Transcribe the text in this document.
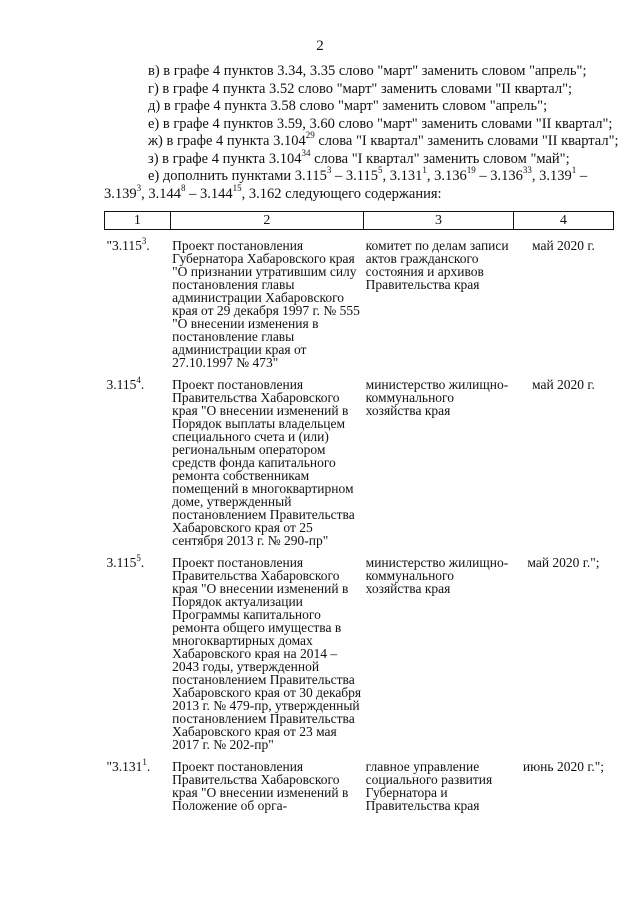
2

в) в графе 4 пунктов 3.34, 3.35 слово "март" заменить словом "апрель";

г) в графе 4 пункта 3.52 слово "март" заменить словами "II квартал";

д) в графе 4 пункта 3.58 слово "март" заменить словом "апрель";

е) в графе 4 пунктов 3.59, 3.60 слово "март" заменить словами "II квартал";

ж) в графе 4 пункта 3.104$^{29}$ слова "I квартал" заменить словами "II квартал";

з) в графе 4 пункта 3.104$^{34}$ слова "I квартал" заменить словом "май";

е) дополнить пунктами 3.115$^3$ – 3.115$^5$, 3.131$^1$, 3.136$^{19}$ – 3.136$^{33}$, 3.139$^1$ –

3.139$^3$, 3.144$^8$ – 3.144$^{15}$, 3.162 следующего содержания:

1	2	3	4
"3.115$^3$.	Проект постановления Губернатора Хабаровского края "О признании утратившим силу постановления главы администрации Хабаровского края от 29 декабря 1997 г. № 555 "О внесении изменения в постановление главы администрации края от 27.10.1997 № 473"	комитет по делам записи актов гражданского состояния и архивов Правительства края	май 2020 г.
3.115$^4$.	Проект постановления Правительства Хабаровского края "О внесении изменений в Порядок выплаты владельцем специального счета и (или) региональным оператором средств фонда капитального ремонта собственникам помещений в многоквартирном доме, утвержденный постановлением Правительства Хабаровского края от 25 сентября 2013 г. № 290-пр"	министерство жилищно-коммунального хозяйства края	май 2020 г.
3.115$^5$.	Проект постановления Правительства Хабаровского края "О внесении изменений в Порядок актуализации Программы капитального ремонта общего имущества в многоквартирных домах Хабаровского края на 2014 – 2043 годы, утвержденной постановлением Правительства Хабаровского края от 30 декабря 2013 г. № 479-пр, утвержденный постановлением Правительства Хабаровского края от 23 мая 2017 г. № 202-пр"	министерство жилищно-коммунального хозяйства края	май 2020 г.";
"3.131$^1$.	Проект постановления Правительства Хабаровского края "О внесении изменений в Положение об орга-	главное управление социального развития Губернатора и Правительства края	июнь 2020 г.";
